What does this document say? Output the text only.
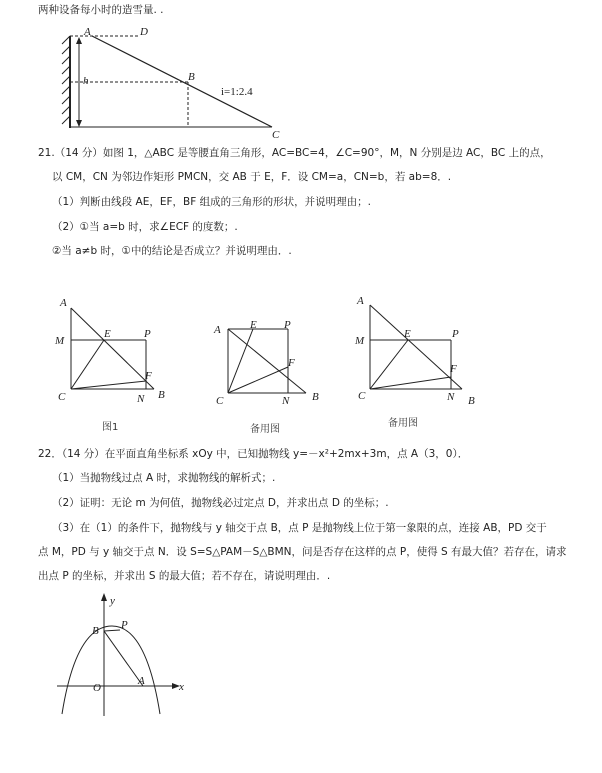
两种设备每小时的造雪量. .
A	D
h	B
C
i=1:2.4
21.（14 分）如图 1，△ABC 是等腰直角三角形，AC=BC=4，∠C=90°，M，N 分别是边 AC，BC 上的点，
以 CM，CN 为邻边作矩形 PMCN，交 AB 于 E，F．设 CM=a，CN=b，若 ab=8．.
（1）判断由线段 AE，EF，BF 组成的三角形的形状，并说明理由；.
（2）①当 a=b 时，求∠ECF 的度数；.
②当 a≠b 时，①中的结论是否成立？并说明理由．.
A
M
E	P
F
C	N B
A	E P
F
C	N B
A
M
E	P
F
C	N B
图1	备用图
备用图
22．（14 分）在平面直角坐标系 xOy 中，已知抛物线 y=－x²+2mx+3m，点 A（3，0）．
（1）当抛物线过点 A 时，求抛物线的解析式；.
（2）证明：无论 m 为何值，抛物线必过定点 D，并求出点 D 的坐标；.
（3）在（1）的条件下，抛物线与 y 轴交于点 B，点 P 是抛物线上位于第一象限的点，连接 AB，PD 交于
点 M，PD 与 y 轴交于点 N．设 S=S△PAM－S△BMN，问是否存在这样的点 P，使得 S 有最大值？若存在，请求
出点 P 的坐标，并求出 S 的最大值；若不存在，请说明理由．.
y
B P
O
A	x
